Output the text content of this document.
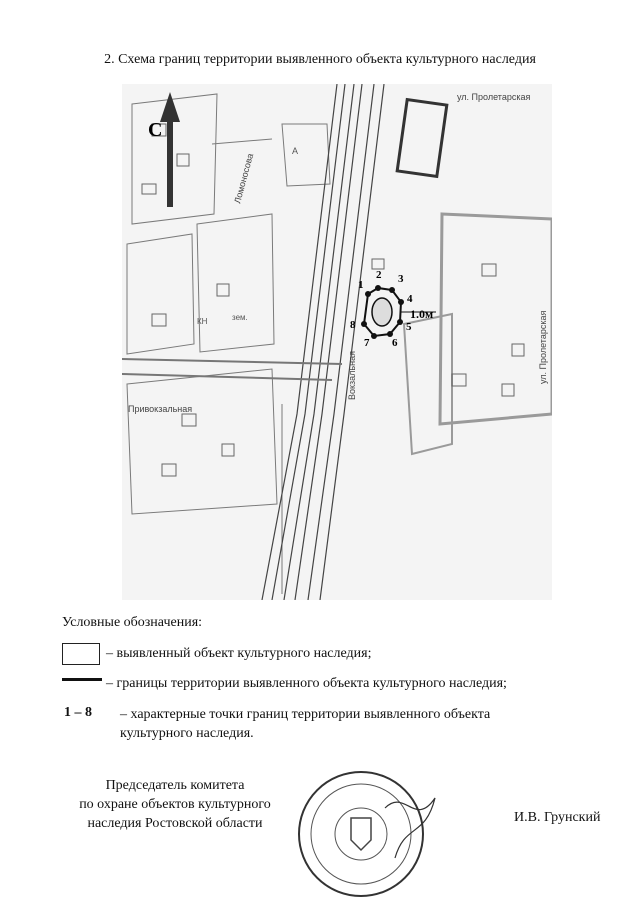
2. Схема границ территории выявленного объекта культурного наследия
С
ул. Пролетарская
Привокзальная
Вокзальная
Ломоносова
ул. Пролетарская
КН
А
зем.
1
2 3
4
5
6
7
8
1.0м
Условные обозначения:
– выявленный объект культурного наследия;
– границы территории выявленного объекта культурного наследия;
1 – 8 – характерные точки границ территории выявленного объекта культурного наследия.
Председатель комитета
по охране объектов культурного
наследия Ростовской области	И.В. Грунский
